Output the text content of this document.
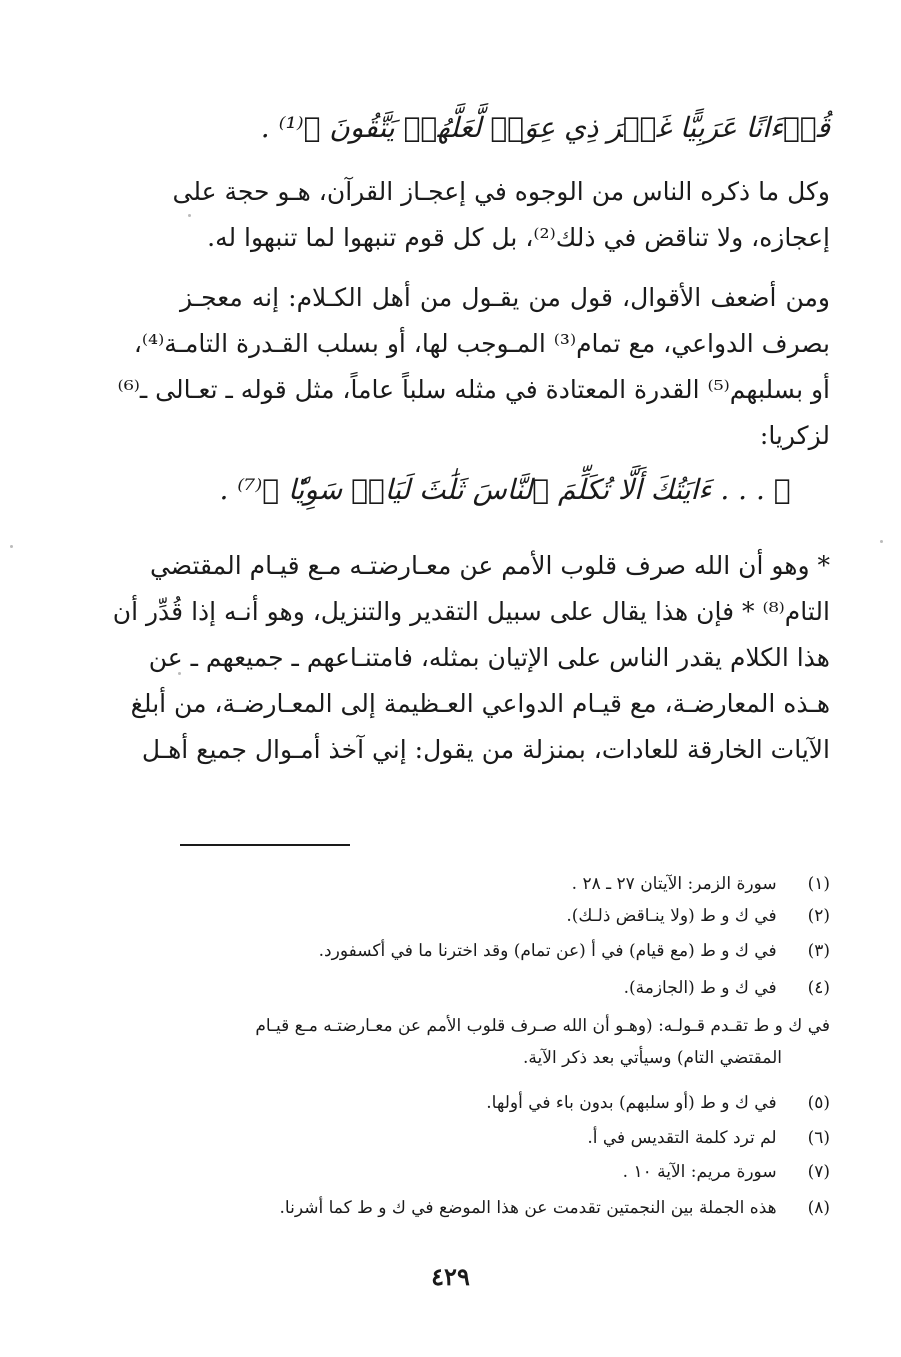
قُرۡءَانًا عَرَبِيًّا غَيۡرَ ذِي عِوَجٖ لَّعَلَّهُمۡ يَتَّقُونَ ﴾⁽¹⁾ .
وكل ما ذكره الناس من الوجوه في إعجـاز القرآن، هـو حجة على
إعجازه، ولا تناقض في ذلك⁽²⁾، بل كل قوم تنبهوا لما تنبهوا له.
ومن أضعف الأقوال، قول من يقـول من أهل الكـلام: إنه معجـز
بصرف الدواعي، مع تمام⁽³⁾ المـوجب لها، أو بسلب القـدرة التامـة⁽⁴⁾،
أو بسلبهم⁽⁵⁾ القدرة المعتادة في مثله سلباً عاماً، مثل قوله ـ تعـالى ـ⁽⁶⁾
لزكريا:
﴿ . . . ءَايَتُكَ أَلَّا تُكَلِّمَ ٱلنَّاسَ ثَلَٰثَ لَيَالٖ سَوِيّٗا ﴾⁽⁷⁾ .
* وهو أن الله صرف قلوب الأمم عن معـارضتـه مـع قيـام المقتضي
التام⁽⁸⁾ * فإن هذا يقال على سبيل التقدير والتنزيل، وهو أنـه إذا قُدِّر أن
هذا الكلام يقدر الناس على الإتيان بمثله، فامتنـاعهم ـ جميعهم ـ عن
هـذه المعارضـة، مع قيـام الدواعي العـظيمة إلى المعـارضـة، من أبلغ
الآيات الخارقة للعادات، بمنزلة من يقول: إني آخذ أمـوال جميع أهـل
(١) سورة الزمر: الآيتان ٢٧ ـ ٢٨ .
(٢) في ك و ط (ولا ينـاقض ذلـك).
(٣) في ك و ط (مع قيام) في أ (عن تمام) وقد اخترنا ما في أكسفورد.
(٤) في ك و ط (الجازمة).
في ك و ط تقـدم قـولـه: (وهـو أن الله صـرف قلوب الأمم عن معـارضتـه مـع قيـام
المقتضي التام) وسيأتي بعد ذكر الآية.
(٥) في ك و ط (أو سلبهم) بدون باء في أولها.
(٦) لم ترد كلمة التقديس في أ.
(٧) سورة مريم: الآية ١٠ .
(٨) هذه الجملة بين النجمتين تقدمت عن هذا الموضع في ك و ط كما أشرنا.
٤٢٩
